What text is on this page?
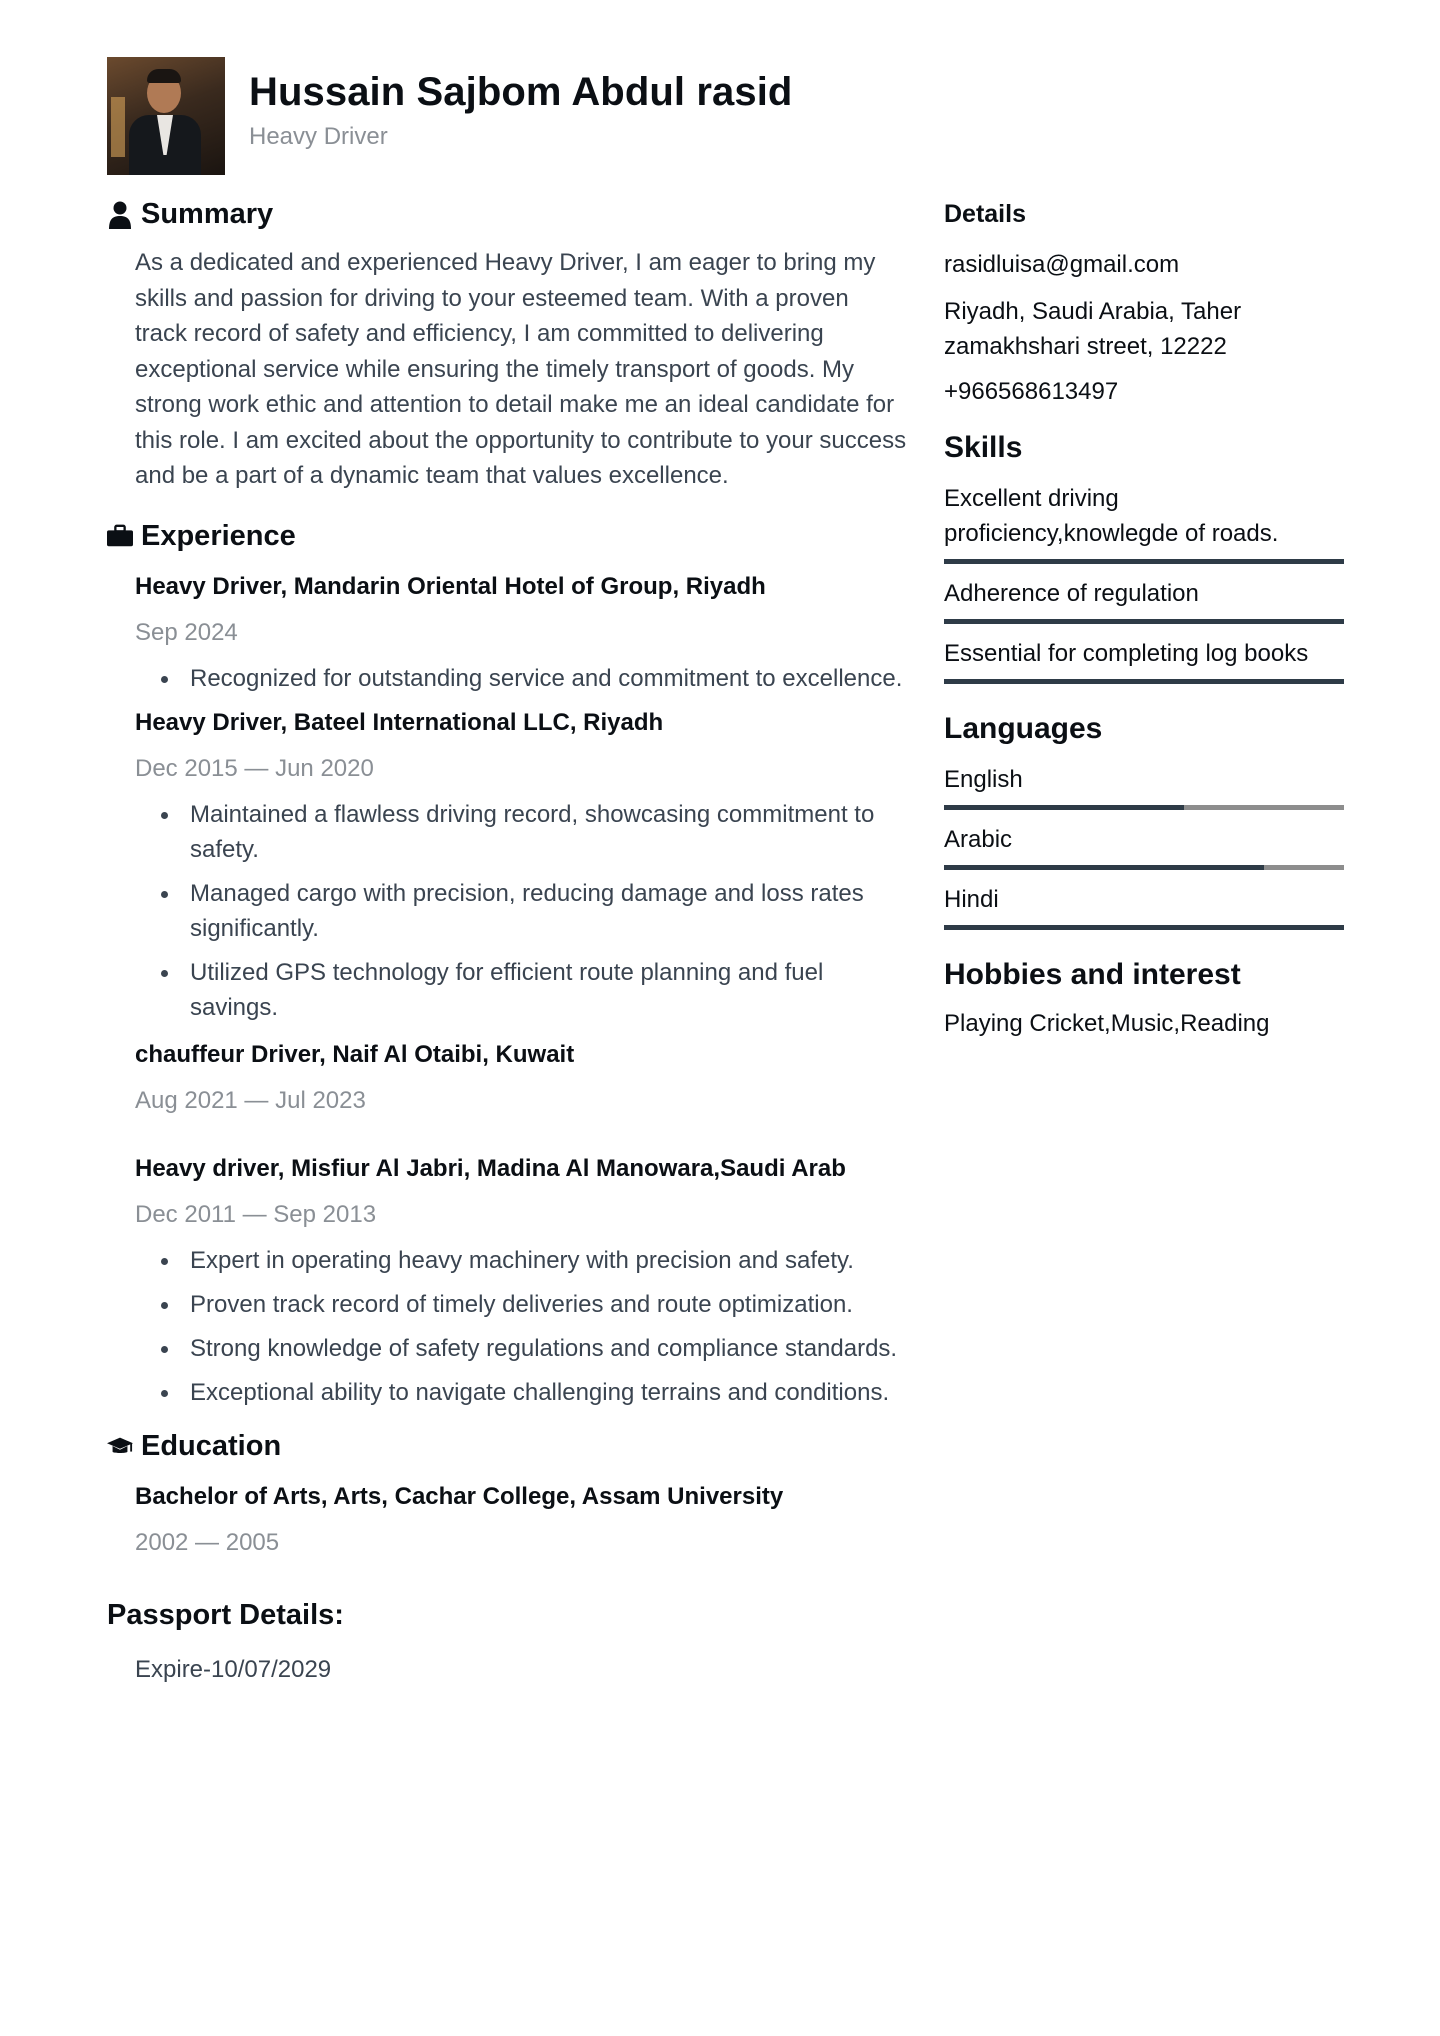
Hussain Sajbom Abdul rasid
Heavy Driver
Summary

As a dedicated and experienced Heavy Driver, I am eager to bring my skills and passion for driving to your esteemed team. With a proven track record of safety and efficiency, I am committed to delivering exceptional service while ensuring the timely transport of goods. My strong work ethic and attention to detail make me an ideal candidate for this role. I am excited about the opportunity to contribute to your success and be a part of a dynamic team that values excellence.

Experience
Heavy Driver, Mandarin Oriental Hotel of Group, Riyadh
Sep 2024
Recognized for outstanding service and commitment to excellence.
Heavy Driver, Bateel International LLC, Riyadh
Dec 2015 — Jun 2020
Maintained a flawless driving record, showcasing commitment to safety.
Managed cargo with precision, reducing damage and loss rates significantly.
Utilized GPS technology for efficient route planning and fuel savings.
chauffeur Driver, Naif Al Otaibi, Kuwait
Aug 2021 — Jul 2023
Heavy driver, Misfiur Al Jabri, Madina Al Manowara,Saudi Arab
Dec 2011 — Sep 2013
Expert in operating heavy machinery with precision and safety.
Proven track record of timely deliveries and route optimization.
Strong knowledge of safety regulations and compliance standards.
Exceptional ability to navigate challenging terrains and conditions.
Education
Bachelor of Arts, Arts, Cachar College, Assam University
2002 — 2005
Passport Details:
Expire-10/07/2029
Details
rasidluisa@gmail.com
Riyadh, Saudi Arabia, Taher zamakhshari street, 12222
+966568613497
Skills
Excellent driving proficiency,knowlegde of roads.
Adherence of regulation
Essential for completing log books
Languages
English
Arabic
Hindi
Hobbies and interest
Playing Cricket,Music,Reading
